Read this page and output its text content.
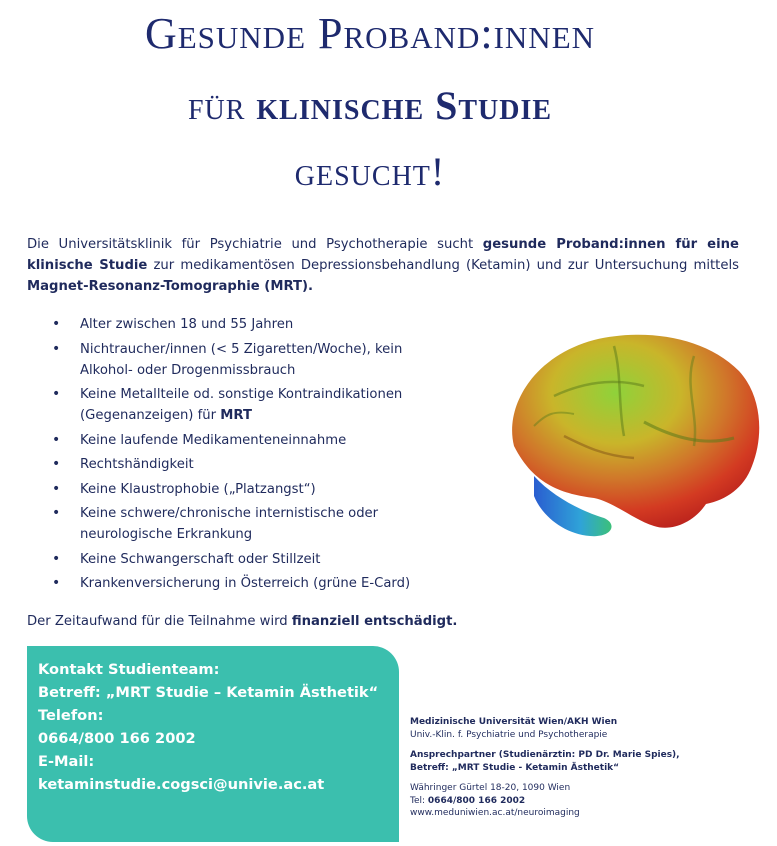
Gesunde Proband:innen
für klinische Studie
gesucht!
Die Universitätsklinik für Psychiatrie und Psychotherapie sucht gesunde Proband:innen für eine klinische Studie zur medikamentösen Depressionsbehandlung (Ketamin) und zur Untersuchung mittels Magnet-Resonanz-Tomographie (MRT).
• Alter zwischen 18 und 55 Jahren
• Nichtraucher/innen (< 5 Zigaretten/Woche), kein Alkohol- oder Drogenmissbrauch
• Keine Metallteile od. sonstige Kontraindikationen (Gegenanzeigen) für MRT
• Keine laufende Medikamenteneinnahme
• Rechtshändigkeit
• Keine Klaustrophobie („Platzangst“)
• Keine schwere/chronische internistische oder neurologische Erkrankung
• Keine Schwangerschaft oder Stillzeit
• Krankenversicherung in Österreich (grüne E-Card)
Der Zeitaufwand für die Teilnahme wird finanziell entschädigt.
Kontakt Studienteam:
Betreff: „MRT Studie – Ketamin Ästhetik“
Telefon:
0664/800 166 2002
E-Mail:
ketaminstudie.cogsci@univie.ac.at
Medizinische Universität Wien/AKH Wien
Univ.-Klin. f. Psychiatrie und Psychotherapie
Ansprechpartner (Studienärztin: PD Dr. Marie Spies),
Betreff: „MRT Studie - Ketamin Ästhetik“
Währinger Gürtel 18-20, 1090 Wien
Tel: 0664/800 166 2002
www.meduniwien.ac.at/neuroimaging
